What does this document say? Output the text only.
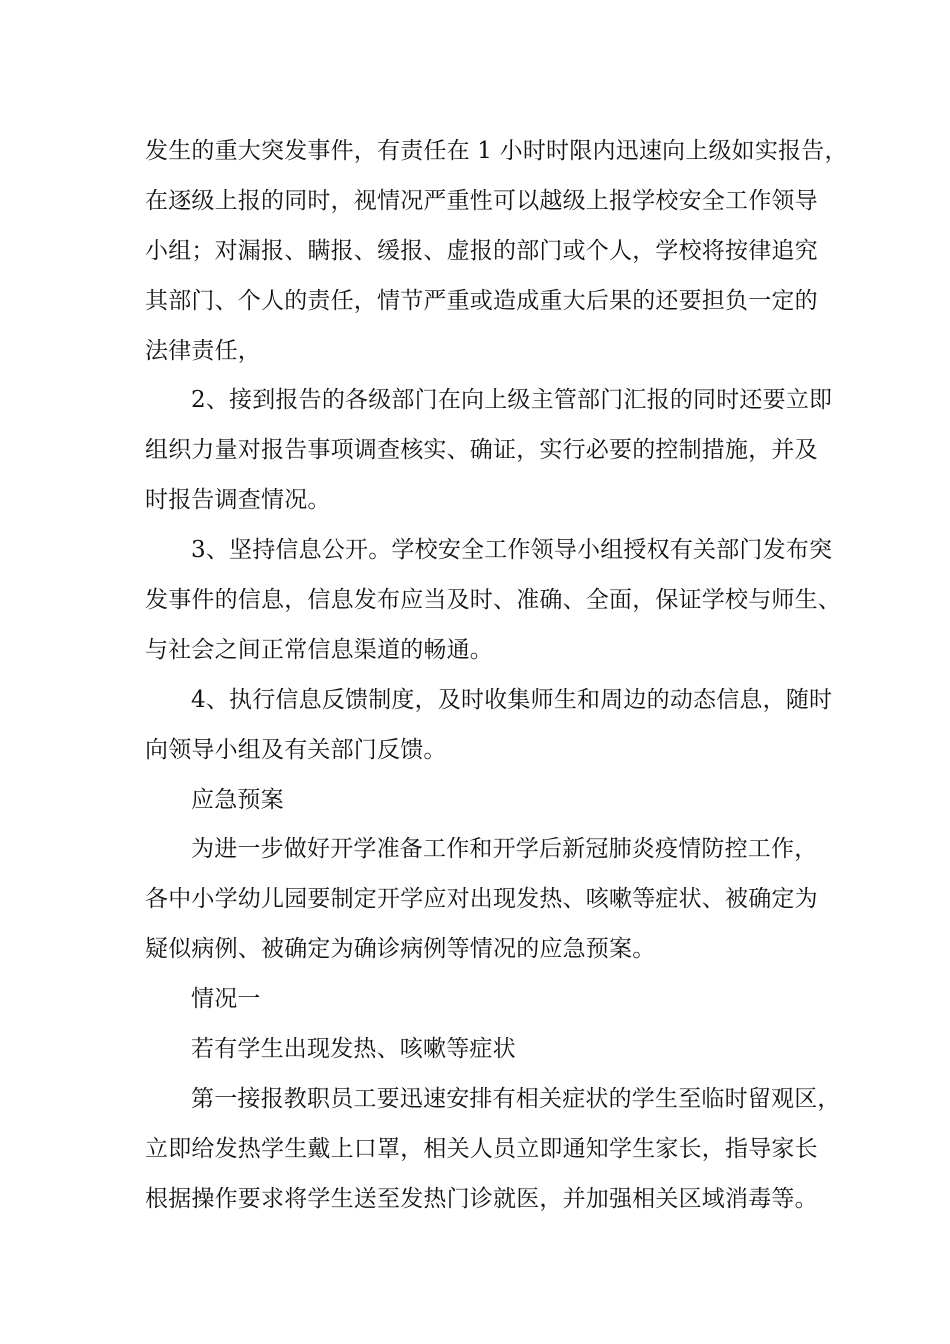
发生的重大突发事件，有责任在 1 小时时限内迅速向上级如实报告，
在逐级上报的同时，视情况严重性可以越级上报学校安全工作领导
小组；对漏报、瞒报、缓报、虚报的部门或个人，学校将按律追究
其部门、个人的责任，情节严重或造成重大后果的还要担负一定的
法律责任，
2、接到报告的各级部门在向上级主管部门汇报的同时还要立即
组织力量对报告事项调查核实、确证，实行必要的控制措施，并及
时报告调查情况。
3、坚持信息公开。学校安全工作领导小组授权有关部门发布突
发事件的信息，信息发布应当及时、准确、全面，保证学校与师生、
与社会之间正常信息渠道的畅通。
4、执行信息反馈制度，及时收集师生和周边的动态信息，随时
向领导小组及有关部门反馈。
应急预案
为进一步做好开学准备工作和开学后新冠肺炎疫情防控工作，
各中小学幼儿园要制定开学应对出现发热、咳嗽等症状、被确定为
疑似病例、被确定为确诊病例等情况的应急预案。
情况一
若有学生出现发热、咳嗽等症状
第一接报教职员工要迅速安排有相关症状的学生至临时留观区，
立即给发热学生戴上口罩，相关人员立即通知学生家长，指导家长
根据操作要求将学生送至发热门诊就医，并加强相关区域消毒等。
